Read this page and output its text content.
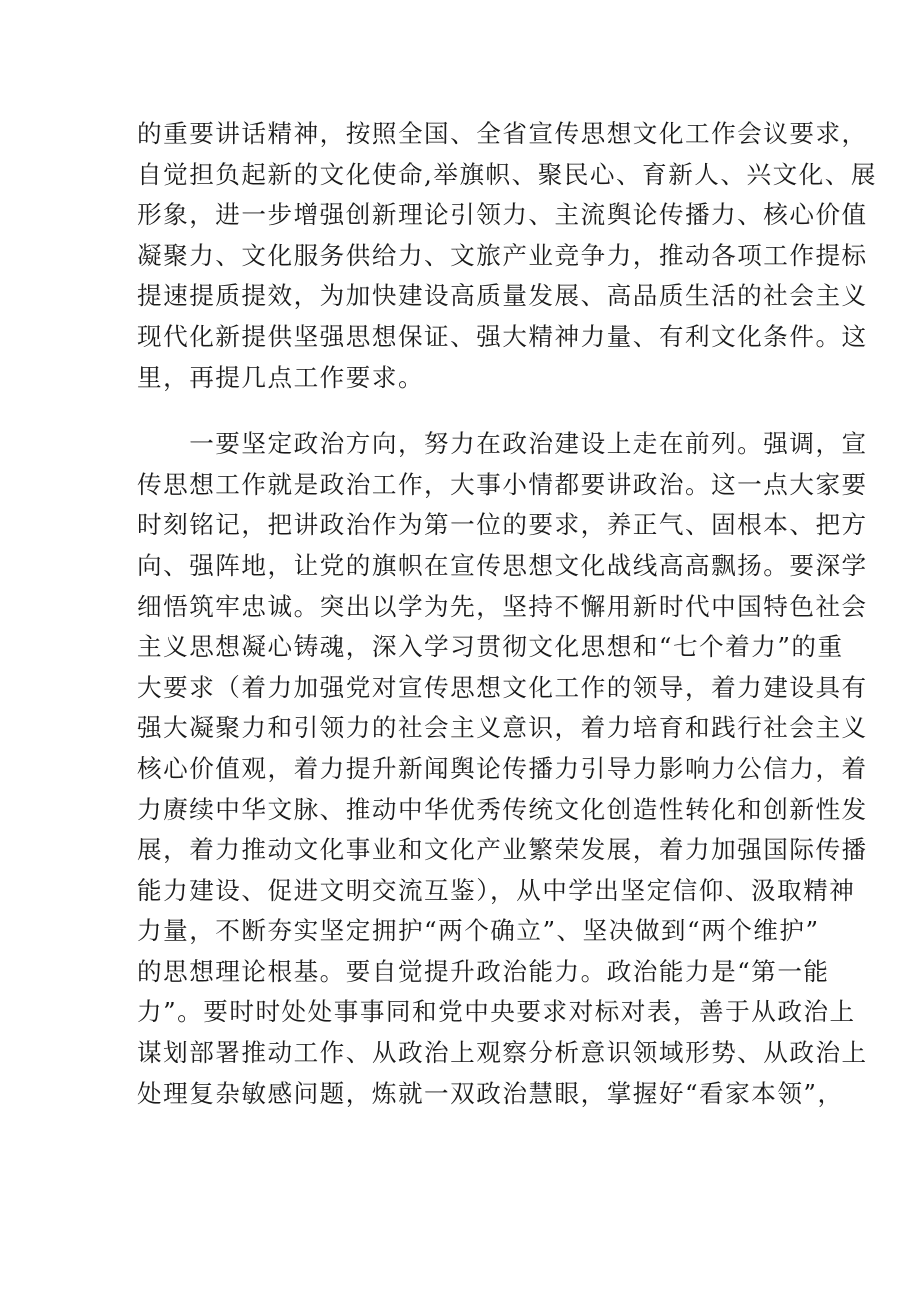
的重要讲话精神，按照全国、全省宣传思想文化工作会议要求，
自觉担负起新的文化使命,举旗帜、聚民心、育新人、兴文化、展
形象，进一步增强创新理论引领力、主流舆论传播力、核心价值
凝聚力、文化服务供给力、文旅产业竞争力，推动各项工作提标
提速提质提效，为加快建设高质量发展、高品质生活的社会主义
现代化新提供坚强思想保证、强大精神力量、有利文化条件。这
里，再提几点工作要求。
　　一要坚定政治方向，努力在政治建设上走在前列。强调，宣
传思想工作就是政治工作，大事小情都要讲政治。这一点大家要
时刻铭记，把讲政治作为第一位的要求，养正气、固根本、把方
向、强阵地，让党的旗帜在宣传思想文化战线高高飘扬。要深学
细悟筑牢忠诚。突出以学为先，坚持不懈用新时代中国特色社会
主义思想凝心铸魂，深入学习贯彻文化思想和“七个着力”的重
大要求（着力加强党对宣传思想文化工作的领导，着力建设具有
强大凝聚力和引领力的社会主义意识，着力培育和践行社会主义
核心价值观，着力提升新闻舆论传播力引导力影响力公信力，着
力赓续中华文脉、推动中华优秀传统文化创造性转化和创新性发
展，着力推动文化事业和文化产业繁荣发展，着力加强国际传播
能力建设、促进文明交流互鉴），从中学出坚定信仰、汲取精神
力量，不断夯实坚定拥护“两个确立”、坚决做到“两个维护”
的思想理论根基。要自觉提升政治能力。政治能力是“第一能
力”。要时时处处事事同和党中央要求对标对表，善于从政治上
谋划部署推动工作、从政治上观察分析意识领域形势、从政治上
处理复杂敏感问题，炼就一双政治慧眼，掌握好“看家本领”，
